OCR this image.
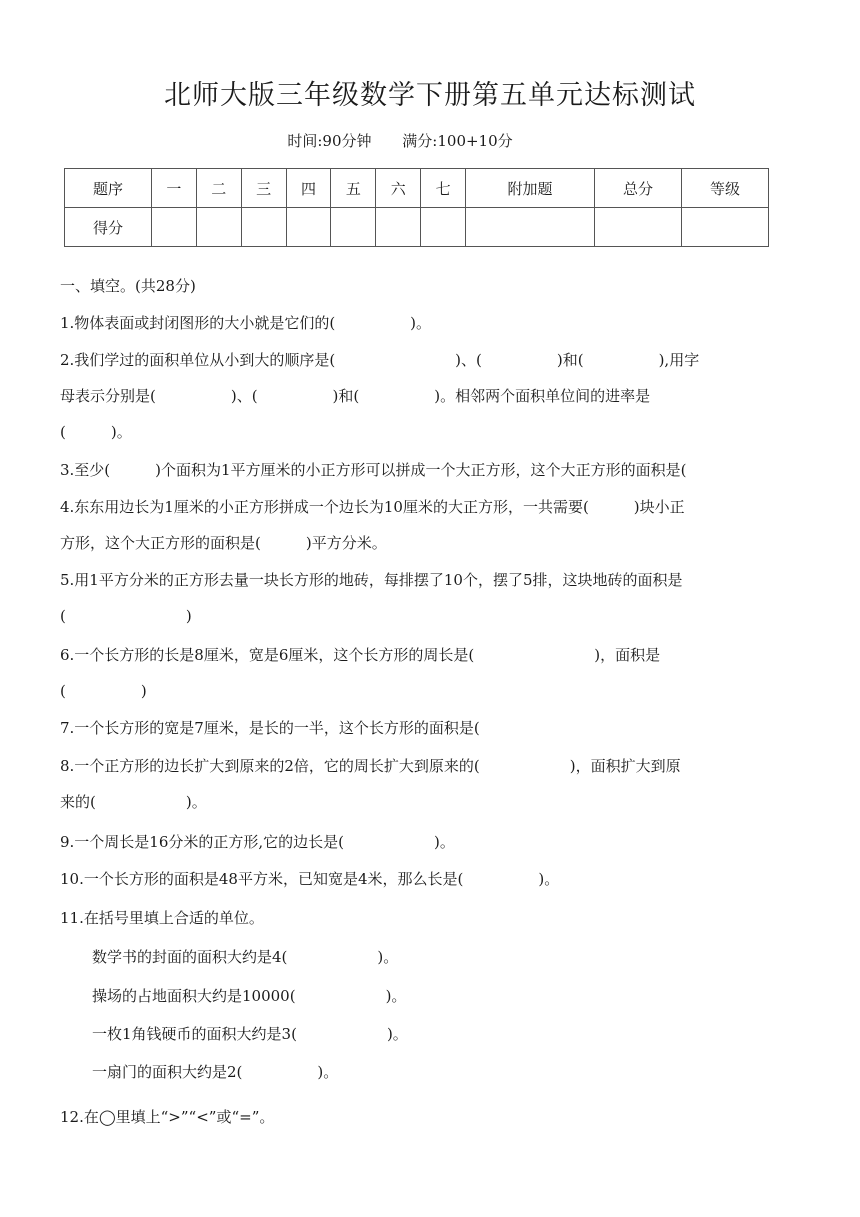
北师大版三年级数学下册第五单元达标测试
时间:90分钟 满分:100+10分
题序	一	二	三	四	五	六	七	附加题	总分	等级
得分										
一、填空。(共28分)
1.物体表面或封闭图形的大小就是它们的(　　　　　)。
2.我们学过的面积单位从小到大的顺序是(　　　　　　　　)、(　　　　　)和(　　　　　),用字
母表示分别是(　　　　　)、(　　　　　)和(　　　　　)。相邻两个面积单位间的进率是
(　　　)。
3.至少(　　　)个面积为1平方厘米的小正方形可以拼成一个大正方形，这个大正方形的面积是(
4.东东用边长为1厘米的小正方形拼成一个边长为10厘米的大正方形，一共需要(　　　)块小正
方形，这个大正方形的面积是(　　　)平方分米。
5.用1平方分米的正方形去量一块长方形的地砖，每排摆了10个，摆了5排，这块地砖的面积是
(　　　　　　　　)
6.一个长方形的长是8厘米，宽是6厘米，这个长方形的周长是(　　　　　　　　)，面积是
(　　　　　)
7.一个长方形的宽是7厘米，是长的一半，这个长方形的面积是(
8.一个正方形的边长扩大到原来的2倍，它的周长扩大到原来的(　　　　　　)，面积扩大到原
来的(　　　　　　)。
9.一个周长是16分米的正方形,它的边长是(　　　　　　)。
10.一个长方形的面积是48平方米，已知宽是4米，那么长是(　　　　　)。
11.在括号里填上合适的单位。
数学书的封面的面积大约是4(　　　　　　)。
操场的占地面积大约是10000(　　　　　　)。
一枚1角钱硬币的面积大约是3(　　　　　　)。
一扇门的面积大约是2(　　　　　)。
12.在◯里填上“>”“<”或“=”。
